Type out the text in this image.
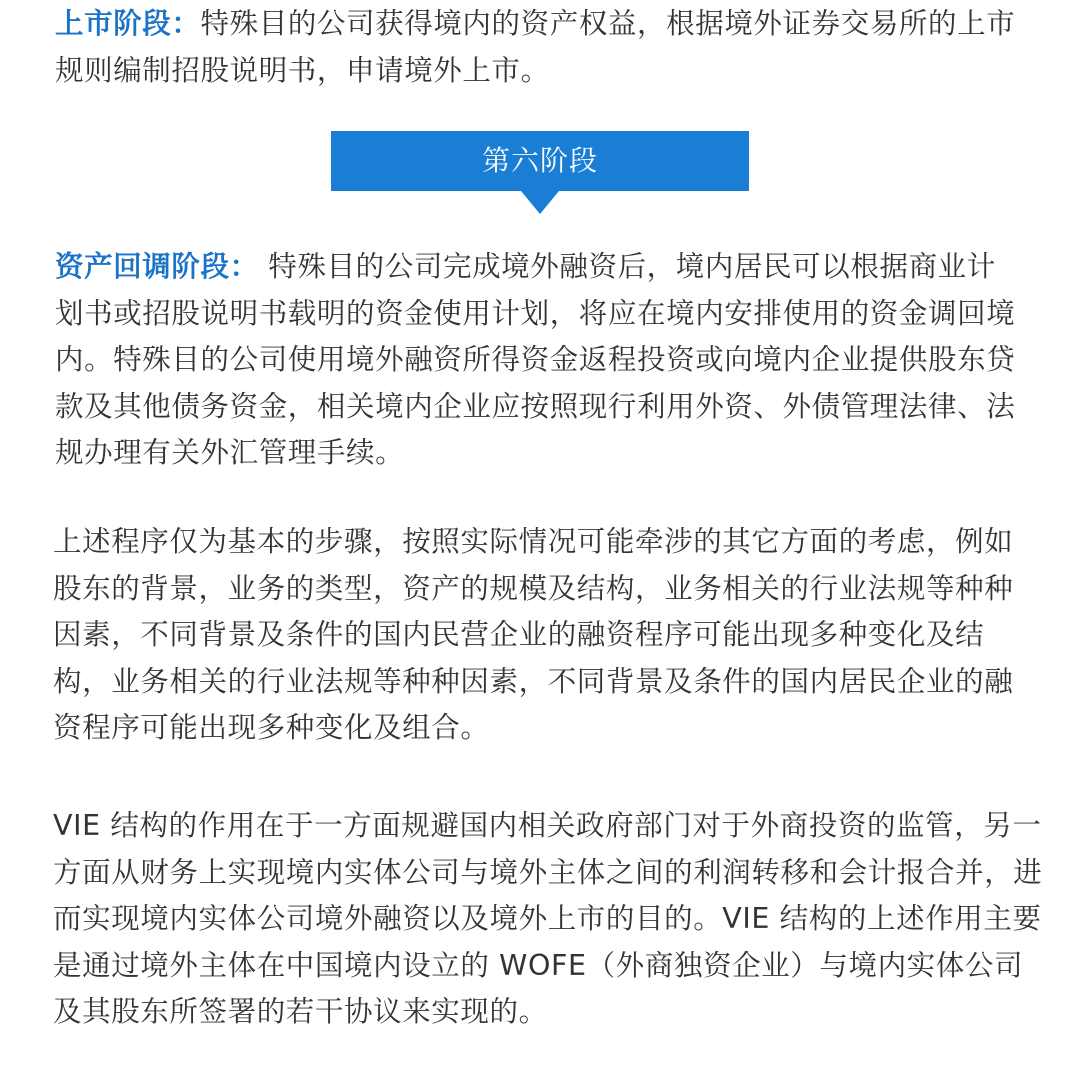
上市阶段：特殊目的公司获得境内的资产权益，根据境外证券交易所的上市规则编制招股说明书，申请境外上市。

第六阶段

资产回调阶段： 特殊目的公司完成境外融资后，境内居民可以根据商业计划书或招股说明书载明的资金使用计划，将应在境内安排使用的资金调回境内。特殊目的公司使用境外融资所得资金返程投资或向境内企业提供股东贷款及其他债务资金，相关境内企业应按照现行利用外资、外债管理法律、法规办理有关外汇管理手续。

上述程序仅为基本的步骤，按照实际情况可能牵涉的其它方面的考虑，例如股东的背景，业务的类型，资产的规模及结构，业务相关的行业法规等种种因素，不同背景及条件的国内民营企业的融资程序可能出现多种变化及结构，业务相关的行业法规等种种因素，不同背景及条件的国内居民企业的融资程序可能出现多种变化及组合。

VIE 结构的作用在于一方面规避国内相关政府部门对于外商投资的监管，另一方面从财务上实现境内实体公司与境外主体之间的利润转移和会计报合并，进而实现境内实体公司境外融资以及境外上市的目的。VIE 结构的上述作用主要是通过境外主体在中国境内设立的 WOFE（外商独资企业）与境内实体公司及其股东所签署的若干协议来实现的。
